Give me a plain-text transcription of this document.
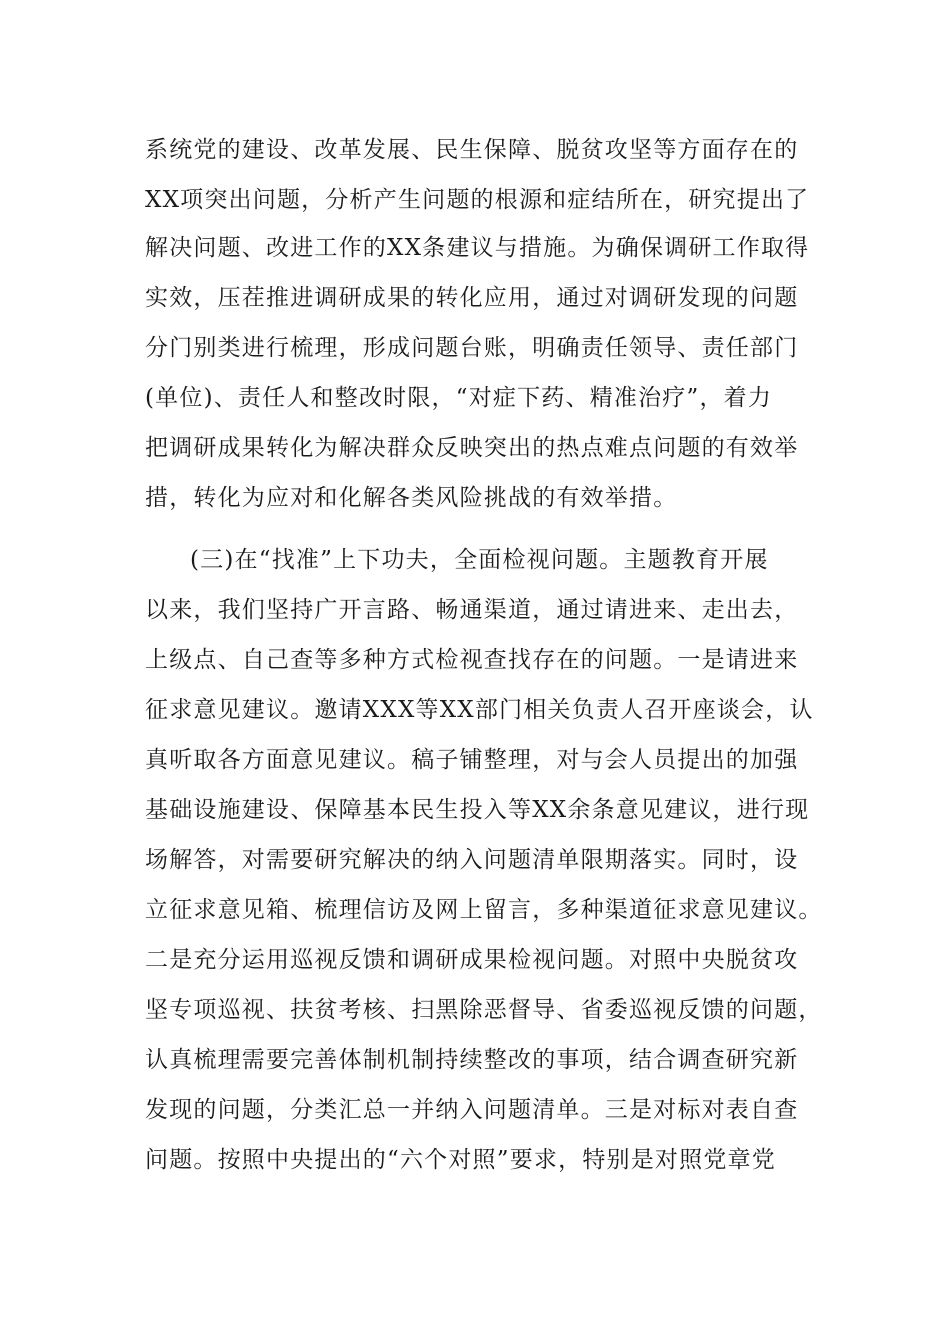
系统党的建设、改革发展、民生保障、脱贫攻坚等方面存在的
XX项突出问题，分析产生问题的根源和症结所在，研究提出了
解决问题、改进工作的XX条建议与措施。为确保调研工作取得
实效，压茬推进调研成果的转化应用，通过对调研发现的问题
分门别类进行梳理，形成问题台账，明确责任领导、责任部门
(单位)、责任人和整改时限，“对症下药、精准治疗”，着力
把调研成果转化为解决群众反映突出的热点难点问题的有效举
措，转化为应对和化解各类风险挑战的有效举措。
(三)在“找准”上下功夫，全面检视问题。主题教育开展
以来，我们坚持广开言路、畅通渠道，通过请进来、走出去，
上级点、自己查等多种方式检视查找存在的问题。一是请进来
征求意见建议。邀请XXX等XX部门相关负责人召开座谈会，认
真听取各方面意见建议。稿子铺整理，对与会人员提出的加强
基础设施建设、保障基本民生投入等XX余条意见建议，进行现
场解答，对需要研究解决的纳入问题清单限期落实。同时，设
立征求意见箱、梳理信访及网上留言，多种渠道征求意见建议。
二是充分运用巡视反馈和调研成果检视问题。对照中央脱贫攻
坚专项巡视、扶贫考核、扫黑除恶督导、省委巡视反馈的问题，
认真梳理需要完善体制机制持续整改的事项，结合调查研究新
发现的问题，分类汇总一并纳入问题清单。三是对标对表自查
问题。按照中央提出的“六个对照”要求，特别是对照党章党
